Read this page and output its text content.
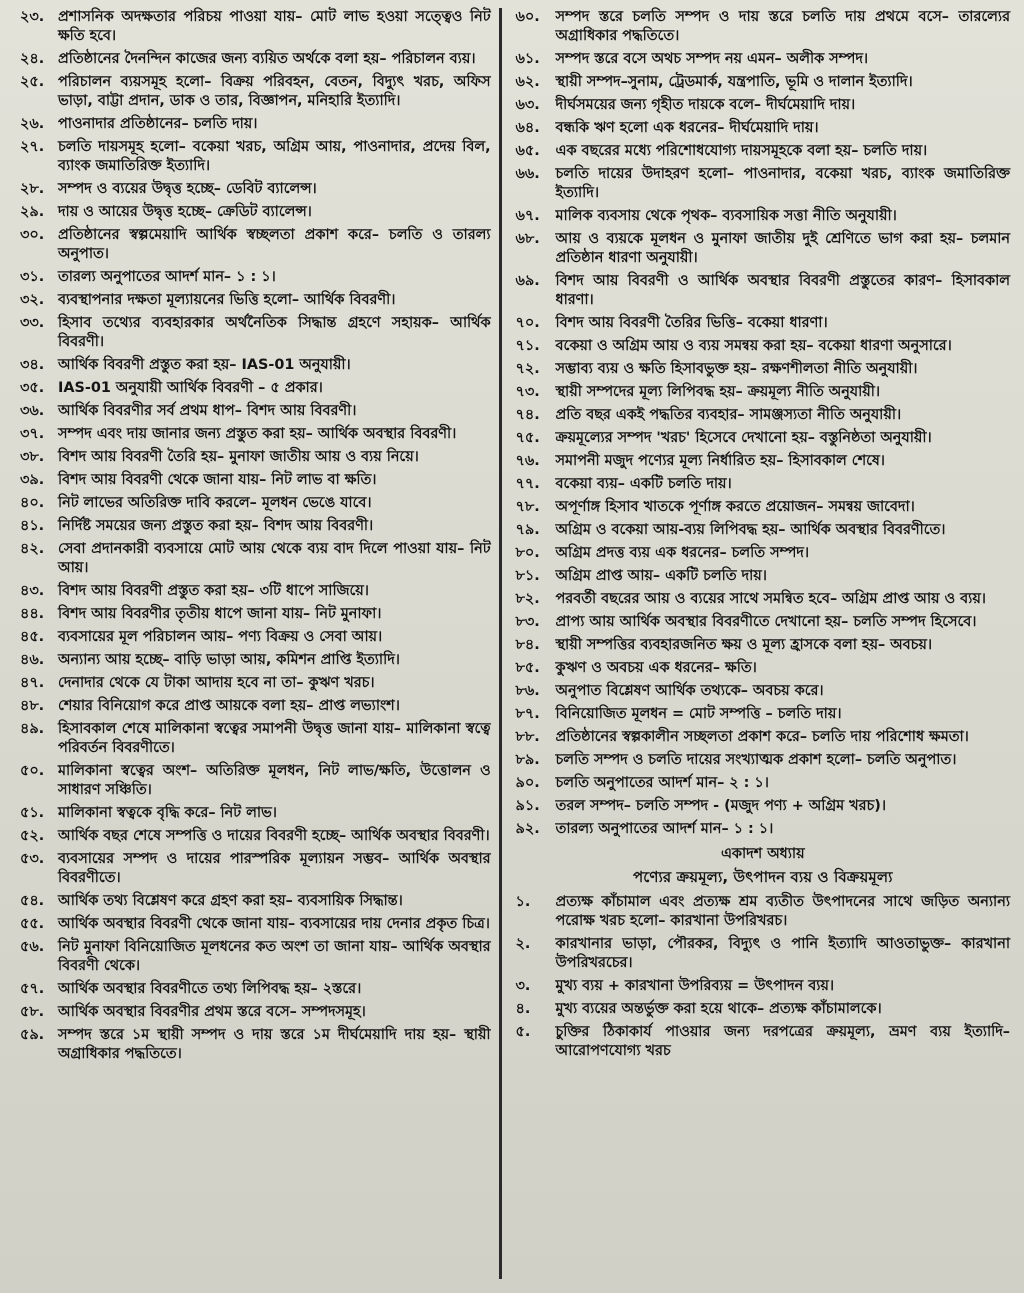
২৩. প্রশাসনিক অদক্ষতার পরিচয় পাওয়া যায়– মোট লাভ হওয়া সত্ত্বেও নিট ক্ষতি হবে।
২৪. প্রতিষ্ঠানের দৈনন্দিন কাজের জন্য ব্যয়িত অর্থকে বলা হয়– পরিচালন ব্যয়।
২৫. পরিচালন ব্যয়সমূহ হলো– বিক্রয় পরিবহন, বেতন, বিদ্যুৎ খরচ, অফিস ভাড়া, বাট্টা প্রদান, ডাক ও তার, বিজ্ঞাপন, মনিহারি ইত্যাদি।
২৬. পাওনাদার প্রতিষ্ঠানের– চলতি দায়।
২৭. চলতি দায়সমূহ হলো– বকেয়া খরচ, অগ্রিম আয়, পাওনাদার, প্রদেয় বিল, ব্যাংক জমাতিরিক্ত ইত্যাদি।
২৮. সম্পদ ও ব্যয়ের উদ্বৃত্ত হচ্ছে– ডেবিট ব্যালেন্স।
২৯. দায় ও আয়ের উদ্বৃত্ত হচ্ছে– ক্রেডিট ব্যালেন্স।
৩০. প্রতিষ্ঠানের স্বল্পমেয়াদি আর্থিক স্বচ্ছলতা প্রকাশ করে– চলতি ও তারল্য অনুপাত।
৩১. তারল্য অনুপাতের আদর্শ মান– ১ : ১।
৩২. ব্যবস্থাপনার দক্ষতা মূল্যায়নের ভিত্তি হলো– আর্থিক বিবরণী।
৩৩. হিসাব তথ্যের ব্যবহারকার অর্থনৈতিক সিদ্ধান্ত গ্রহণে সহায়ক– আর্থিক বিবরণী।
৩৪. আর্থিক বিবরণী প্রস্তুত করা হয়– IAS-01 অনুযায়ী।
৩৫. IAS-01 অনুযায়ী আর্থিক বিবরণী – ৫ প্রকার।
৩৬. আর্থিক বিবরণীর সর্ব প্রথম ধাপ– বিশদ আয় বিবরণী।
৩৭. সম্পদ এবং দায় জানার জন্য প্রস্তুত করা হয়– আর্থিক অবস্থার বিবরণী।
৩৮. বিশদ আয় বিবরণী তৈরি হয়– মুনাফা জাতীয় আয় ও ব্যয় নিয়ে।
৩৯. বিশদ আয় বিবরণী থেকে জানা যায়– নিট লাভ বা ক্ষতি।
৪০. নিট লাভের অতিরিক্ত দাবি করলে– মূলধন ভেঙে যাবে।
৪১. নির্দিষ্ট সময়ের জন্য প্রস্তুত করা হয়– বিশদ আয় বিবরণী।
৪২. সেবা প্রদানকারী ব্যবসায়ে মোট আয় থেকে ব্যয় বাদ দিলে পাওয়া যায়– নিট আয়।
৪৩. বিশদ আয় বিবরণী প্রস্তুত করা হয়– ৩টি ধাপে সাজিয়ে।
৪৪. বিশদ আয় বিবরণীর তৃতীয় ধাপে জানা যায়– নিট মুনাফা।
৪৫. ব্যবসায়ের মূল পরিচালন আয়– পণ্য বিক্রয় ও সেবা আয়।
৪৬. অন্যান্য আয় হচ্ছে– বাড়ি ভাড়া আয়, কমিশন প্রাপ্তি ইত্যাদি।
৪৭. দেনাদার থেকে যে টাকা আদায় হবে না তা– কুঋণ খরচ।
৪৮. শেয়ার বিনিয়োগ করে প্রাপ্ত আয়কে বলা হয়– প্রাপ্ত লভ্যাংশ।
৪৯. হিসাবকাল শেষে মালিকানা স্বত্বের সমাপনী উদ্বৃত্ত জানা যায়– মালিকানা স্বত্বে পরিবর্তন বিবরণীতে।
৫০. মালিকানা স্বত্বের অংশ– অতিরিক্ত মূলধন, নিট লাভ/ক্ষতি, উত্তোলন ও সাধারণ সঞ্চিতি।
৫১. মালিকানা স্বত্বকে বৃদ্ধি করে– নিট লাভ।
৫২. আর্থিক বছর শেষে সম্পত্তি ও দায়ের বিবরণী হচ্ছে– আর্থিক অবস্থার বিবরণী।
৫৩. ব্যবসায়ের সম্পদ ও দায়ের পারস্পরিক মূল্যায়ন সম্ভব– আর্থিক অবস্থার বিবরণীতে।
৫৪. আর্থিক তথ্য বিশ্লেষণ করে গ্রহণ করা হয়– ব্যবসায়িক সিদ্ধান্ত।
৫৫. আর্থিক অবস্থার বিবরণী থেকে জানা যায়– ব্যবসায়ের দায় দেনার প্রকৃত চিত্র।
৫৬. নিট মুনাফা বিনিয়োজিত মূলধনের কত অংশ তা জানা যায়– আর্থিক অবস্থার বিবরণী থেকে।
৫৭. আর্থিক অবস্থার বিবরণীতে তথ্য লিপিবদ্ধ হয়– ২স্তরে।
৫৮. আর্থিক অবস্থার বিবরণীর প্রথম স্তরে বসে– সম্পদসমূহ।
৫৯. সম্পদ স্তরে ১ম স্থায়ী সম্পদ ও দায় স্তরে ১ম দীর্ঘমেয়াদি দায় হয়– স্থায়ী অগ্রাধিকার পদ্ধতিতে।
৬০.	সম্পদ স্তরে চলতি সম্পদ ও দায় স্তরে চলতি দায় প্রথমে বসে– তারল্যের অগ্রাধিকার পদ্ধতিতে।
৬১.	সম্পদ স্তরে বসে অথচ সম্পদ নয় এমন– অলীক সম্পদ।
৬২.	স্থায়ী সম্পদ–সুনাম, ট্রেডমার্ক, যন্ত্রপাতি, ভূমি ও দালান ইত্যাদি।
৬৩.	দীর্ঘসময়ের জন্য গৃহীত দায়কে বলে– দীর্ঘমেয়াদি দায়।
৬৪.	বন্ধকি ঋণ হলো এক ধরনের– দীর্ঘমেয়াদি দায়।
৬৫.	এক বছরের মধ্যে পরিশোধযোগ্য দায়সমূহকে বলা হয়– চলতি দায়।
৬৬.	চলতি দায়ের উদাহরণ হলো– পাওনাদার, বকেয়া খরচ, ব্যাংক জমাতিরিক্ত ইত্যাদি।
৬৭.	মালিক ব্যবসায় থেকে পৃথক– ব্যবসায়িক সত্তা নীতি অনুযায়ী।
৬৮.	আয় ও ব্যয়কে মূলধন ও মুনাফা জাতীয় দুই শ্রেণিতে ভাগ করা হয়– চলমান প্রতিষ্ঠান ধারণা অনুযায়ী।
৬৯.	বিশদ আয় বিবরণী ও আর্থিক অবস্থার বিবরণী প্রস্তুতের কারণ– হিসাবকাল ধারণা।
৭০.	বিশদ আয় বিবরণী তৈরির ভিত্তি– বকেয়া ধারণা।
৭১.	বকেয়া ও অগ্রিম আয় ও ব্যয় সমন্বয় করা হয়– বকেয়া ধারণা অনুসারে।
৭২.	সম্ভাব্য ব্যয় ও ক্ষতি হিসাবভুক্ত হয়– রক্ষণশীলতা নীতি অনুযায়ী।
৭৩.	স্থায়ী সম্পদের মূল্য লিপিবদ্ধ হয়– ক্রয়মূল্য নীতি অনুযায়ী।
৭৪.	প্রতি বছর একই পদ্ধতির ব্যবহার– সামঞ্জস্যতা নীতি অনুযায়ী।
৭৫.	ক্রয়মূল্যের সম্পদ 'খরচ' হিসেবে দেখানো হয়– বস্তুনিষ্ঠতা অনুযায়ী।
৭৬.	সমাপনী মজুদ পণ্যের মূল্য নির্ধারিত হয়– হিসাবকাল শেষে।
৭৭.	বকেয়া ব্যয়– একটি চলতি দায়।
৭৮.	অপূর্ণাঙ্গ হিসাব খাতকে পূর্ণাঙ্গ করতে প্রয়োজন– সমন্বয় জাবেদা।
৭৯.	অগ্রিম ও বকেয়া আয়-ব্যয় লিপিবদ্ধ হয়– আর্থিক অবস্থার বিবরণীতে।
৮০.	অগ্রিম প্রদত্ত ব্যয় এক ধরনের– চলতি সম্পদ।
৮১.	অগ্রিম প্রাপ্ত আয়– একটি চলতি দায়।
৮২.	পরবর্তী বছরের আয় ও ব্যয়ের সাথে সমন্বিত হবে– অগ্রিম প্রাপ্ত আয় ও ব্যয়।
৮৩.	প্রাপ্য আয় আর্থিক অবস্থার বিবরণীতে দেখানো হয়– চলতি সম্পদ হিসেবে।
৮৪.	স্থায়ী সম্পত্তির ব্যবহারজনিত ক্ষয় ও মূল্য হ্রাসকে বলা হয়– অবচয়।
৮৫.	কুঋণ ও অবচয় এক ধরনের– ক্ষতি।
৮৬.	অনুপাত বিশ্লেষণ আর্থিক তথ্যকে– অবচয় করে।
৮৭.	বিনিয়োজিত মূলধন = মোট সম্পত্তি – চলতি দায়।
৮৮.	প্রতিষ্ঠানের স্বল্পকালীন সচ্ছলতা প্রকাশ করে– চলতি দায় পরিশোধ ক্ষমতা।
৮৯.	চলতি সম্পদ ও চলতি দায়ের সংখ্যাত্মক প্রকাশ হলো– চলতি অনুপাত।
৯০.	চলতি অনুপাতের আদর্শ মান– ২ : ১।
৯১.	তরল সম্পদ– চলতি সম্পদ - (মজুদ পণ্য + অগ্রিম খরচ)।
৯২.	তারল্য অনুপাতের আদর্শ মান– ১ : ১।
একাদশ অধ্যায়
পণ্যের ক্রয়মূল্য, উৎপাদন ব্যয় ও বিক্রয়মূল্য
১.	প্রত্যক্ষ কাঁচামাল এবং প্রত্যক্ষ শ্রম ব্যতীত উৎপাদনের সাথে জড়িত অন্যান্য পরোক্ষ খরচ হলো– কারখানা উপরিখরচ।
২.	কারখানার ভাড়া, পৌরকর, বিদ্যুৎ ও পানি ইত্যাদি আওতাভুক্ত– কারখানা উপরিখরচের।
৩.	মুখ্য ব্যয় + কারখানা উপরিব্যয় = উৎপাদন ব্যয়।
৪.	মুখ্য ব্যয়ের অন্তর্ভুক্ত করা হয়ে থাকে– প্রত্যক্ষ কাঁচামালকে।
৫.	চুক্তির ঠিকাকার্য পাওয়ার জন্য দরপত্রের ক্রয়মূল্য, ভ্রমণ ব্যয় ইত্যাদি– আরোপণযোগ্য খরচ
